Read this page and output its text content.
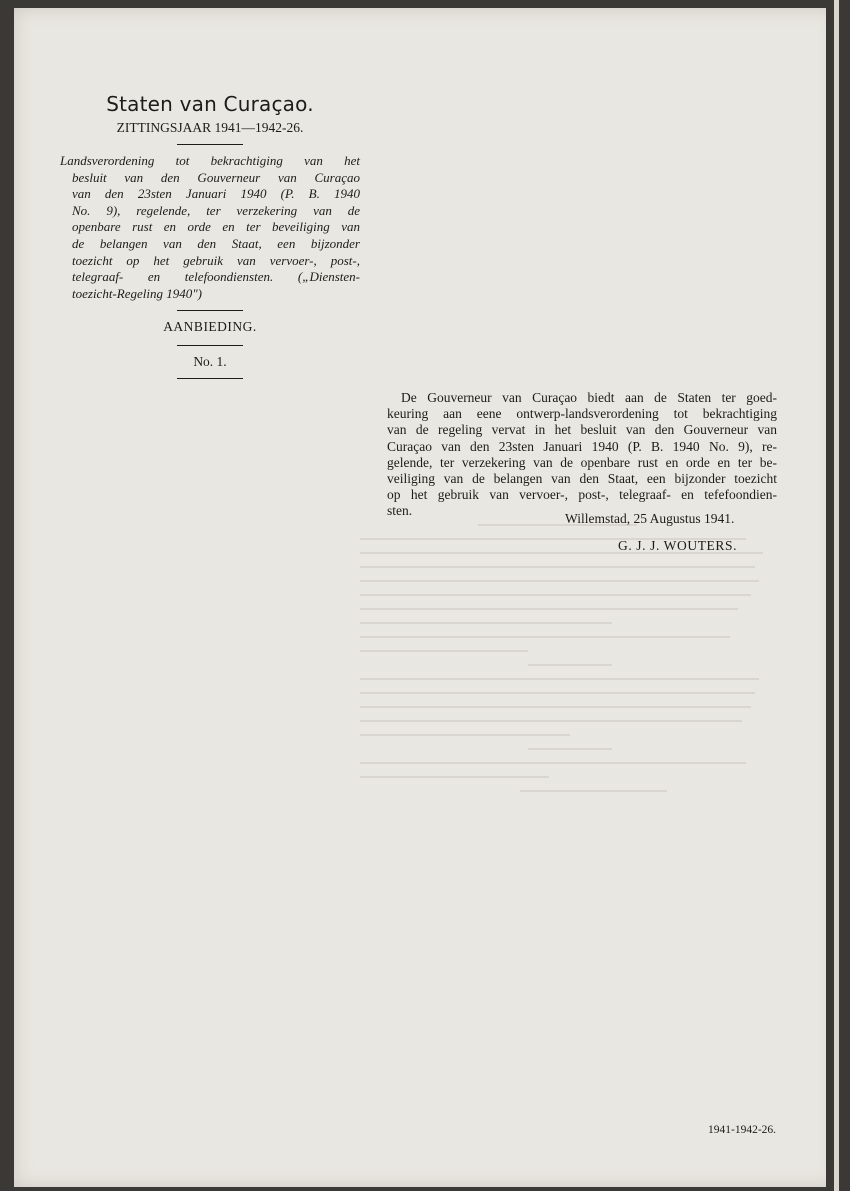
Staten van Curaçao.
ZITTINGSJAAR 1941—1942-26.
Landsverordening tot bekrachtiging van het
besluit van den Gouverneur van Curaçao
van den 23sten Januari 1940 (P. B. 1940
No. 9), regelende, ter verzekering van de
openbare rust en orde en ter beveiliging van
de belangen van den Staat, een bijzonder
toezicht op het gebruik van vervoer-, post-,
telegraaf- en telefoondiensten. („Diensten-
toezicht-Regeling 1940")
AANBIEDING.
No. 1.
De Gouverneur van Curaçao biedt aan de Staten ter goed-
keuring aan eene ontwerp-landsverordening tot bekrachtiging
van de regeling vervat in het besluit van den Gouverneur van
Curaçao van den 23sten Januari 1940 (P. B. 1940 No. 9), re-
gelende, ter verzekering van de openbare rust en orde en ter be-
veiliging van de belangen van den Staat, een bijzonder toezicht
op het gebruik van vervoer-, post-, telegraaf- en tefefoondien-
sten.
Willemstad, 25 Augustus 1941.
G. J. J. WOUTERS.
1941-1942-26.
